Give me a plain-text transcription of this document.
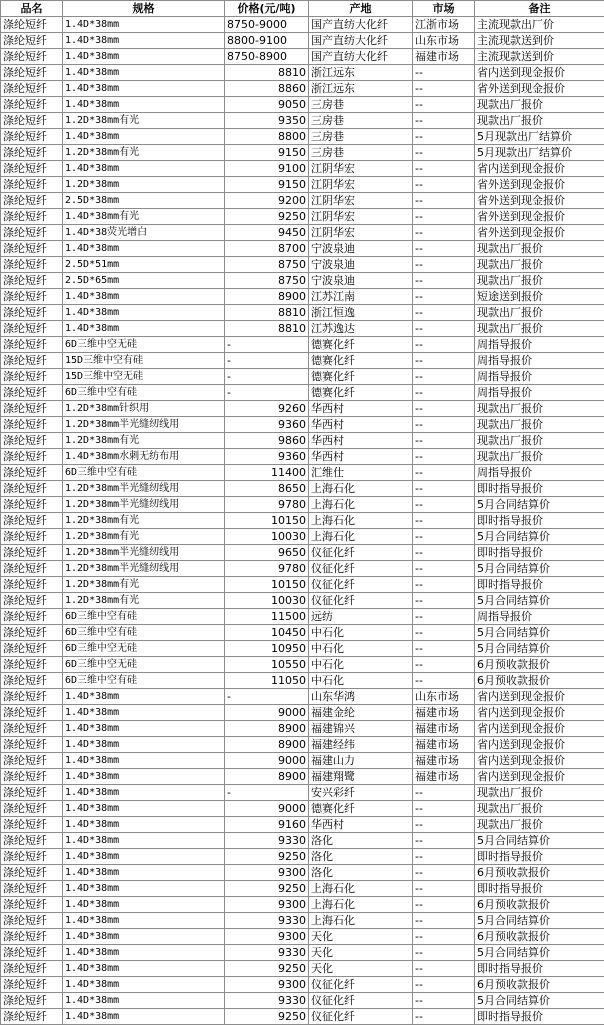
品名	规格	价格(元/吨)	产地	市场	备注
涤纶短纤	1.4D*38mm	8750-9000	国产直纺大化纤	江浙市场	主流现款出厂价
涤纶短纤	1.4D*38mm	8800-9100	国产直纺大化纤	山东市场	主流现款送到价
涤纶短纤	1.4D*38mm	8750-8900	国产直纺大化纤	福建市场	主流现款送到价
涤纶短纤	1.4D*38mm	8810	浙江远东	--	省内送到现金报价
涤纶短纤	1.4D*38mm	8860	浙江远东	--	省外送到现金报价
涤纶短纤	1.4D*38mm	9050	三房巷	--	现款出厂报价
涤纶短纤	1.2D*38mm有光	9350	三房巷	--	现款出厂报价
涤纶短纤	1.4D*38mm	8800	三房巷	--	5月现款出厂结算价
涤纶短纤	1.2D*38mm有光	9150	三房巷	--	5月现款出厂结算价
涤纶短纤	1.4D*38mm	9100	江阴华宏	--	省内送到现金报价
涤纶短纤	1.2D*38mm	9150	江阴华宏	--	省外送到现金报价
涤纶短纤	2.5D*38mm	9200	江阴华宏	--	省外送到现金报价
涤纶短纤	1.4D*38mm有光	9250	江阴华宏	--	省外送到现金报价
涤纶短纤	1.4D*38荧光增白	9450	江阴华宏	--	省外送到现金报价
涤纶短纤	1.4D*38mm	8700	宁波泉迪	--	现款出厂报价
涤纶短纤	2.5D*51mm	8750	宁波泉迪	--	现款出厂报价
涤纶短纤	2.5D*65mm	8750	宁波泉迪	--	现款出厂报价
涤纶短纤	1.4D*38mm	8900	江苏江南	--	短途送到报价
涤纶短纤	1.4D*38mm	8810	浙江恒逸	--	现款出厂报价
涤纶短纤	1.4D*38mm	8810	江苏逸达	--	现款出厂报价
涤纶短纤	6D三维中空无硅	-	德赛化纤	--	周指导报价
涤纶短纤	15D三维中空有硅	-	德赛化纤	--	周指导报价
涤纶短纤	15D三维中空无硅	-	德赛化纤	--	周指导报价
涤纶短纤	6D三维中空有硅	-	德赛化纤	--	周指导报价
涤纶短纤	1.2D*38mm针织用	9260	华西村	--	现款出厂报价
涤纶短纤	1.2D*38mm半光缝纫线用	9360	华西村	--	现款出厂报价
涤纶短纤	1.2D*38mm有光	9860	华西村	--	现款出厂报价
涤纶短纤	1.4D*38mm水刺无纺布用	9360	华西村	--	现款出厂报价
涤纶短纤	6D三维中空有硅	11400	汇维仕	--	周指导报价
涤纶短纤	1.2D*38mm半光缝纫线用	8650	上海石化	--	即时指导报价
涤纶短纤	1.2D*38mm半光缝纫线用	9780	上海石化	--	5月合同结算价
涤纶短纤	1.2D*38mm有光	10150	上海石化	--	即时指导报价
涤纶短纤	1.2D*38mm有光	10030	上海石化	--	5月合同结算价
涤纶短纤	1.2D*38mm半光缝纫线用	9650	仪征化纤	--	即时指导报价
涤纶短纤	1.2D*38mm半光缝纫线用	9780	仪征化纤	--	5月合同结算价
涤纶短纤	1.2D*38mm有光	10150	仪征化纤	--	即时指导报价
涤纶短纤	1.2D*38mm有光	10030	仪征化纤	--	5月合同结算价
涤纶短纤	6D三维中空有硅	11500	远纺	--	周指导报价
涤纶短纤	6D三维中空有硅	10450	中石化	--	5月合同结算价
涤纶短纤	6D三维中空无硅	10950	中石化	--	5月合同结算价
涤纶短纤	6D三维中空无硅	10550	中石化	--	6月预收款报价
涤纶短纤	6D三维中空有硅	11050	中石化	--	6月预收款报价
涤纶短纤	1.4D*38mm	-	山东华鸿	山东市场	省内送到现金报价
涤纶短纤	1.4D*38mm	9000	福建金纶	福建市场	省内送到现金报价
涤纶短纤	1.4D*38mm	8900	福建锦兴	福建市场	省内送到现金报价
涤纶短纤	1.4D*38mm	8900	福建经纬	福建市场	省内送到现金报价
涤纶短纤	1.4D*38mm	9000	福建山力	福建市场	省内送到现金报价
涤纶短纤	1.4D*38mm	8900	福建翔鹭	福建市场	省内送到现金报价
涤纶短纤	1.4D*38mm	-	安兴彩纤	--	现款出厂报价
涤纶短纤	1.4D*38mm	9000	德赛化纤	--	现款出厂报价
涤纶短纤	1.4D*38mm	9160	华西村	--	现款出厂报价
涤纶短纤	1.4D*38mm	9330	洛化	--	5月合同结算价
涤纶短纤	1.4D*38mm	9250	洛化	--	即时指导报价
涤纶短纤	1.4D*38mm	9300	洛化	--	6月预收款报价
涤纶短纤	1.4D*38mm	9250	上海石化	--	即时指导报价
涤纶短纤	1.4D*38mm	9300	上海石化	--	6月预收款报价
涤纶短纤	1.4D*38mm	9330	上海石化	--	5月合同结算价
涤纶短纤	1.4D*38mm	9300	天化	--	6月预收款报价
涤纶短纤	1.4D*38mm	9330	天化	--	5月合同结算价
涤纶短纤	1.4D*38mm	9250	天化	--	即时指导报价
涤纶短纤	1.4D*38mm	9300	仪征化纤	--	6月预收款报价
涤纶短纤	1.4D*38mm	9330	仪征化纤	--	5月合同结算价
涤纶短纤	1.4D*38mm	9250	仪征化纤	--	即时指导报价
